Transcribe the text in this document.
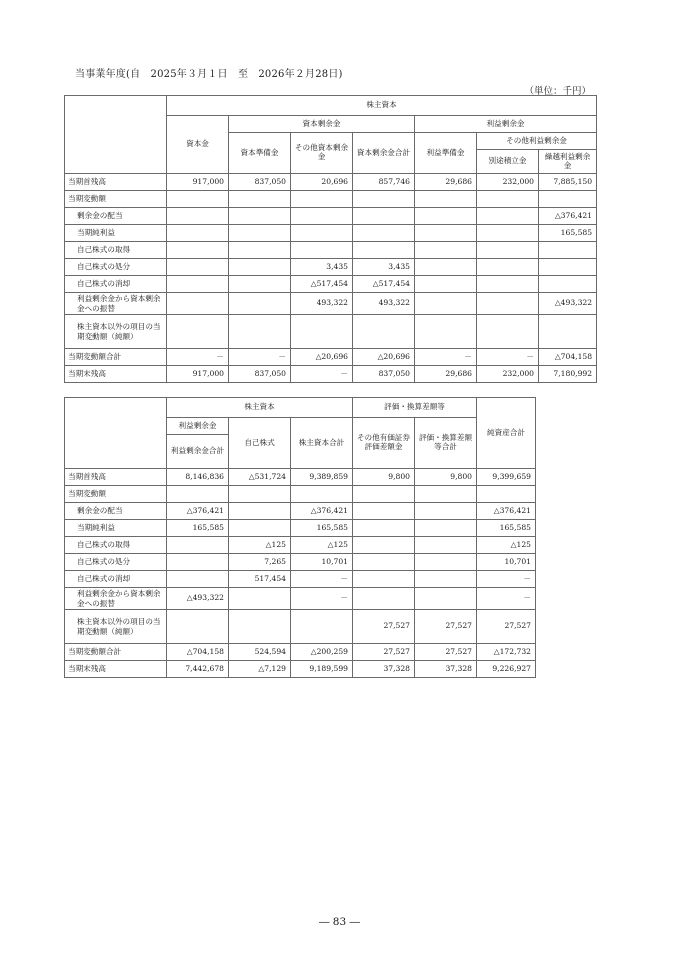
当事業年度(自　2025年３月１日　至　2026年２月28日)
（単位：千円）
	株主資本						
	資本金	資本剰余金			利益剰余金		
		資本準備金	その他資本剰余金	資本剰余金合計	利益準備金	その他利益剰余金	
						別途積立金	繰越利益剰余金
当期首残高	917,000	837,050	20,696	857,746	29,686	232,000	7,885,150
当期変動額							
剰余金の配当							△376,421
当期純利益							165,585
自己株式の取得							
自己株式の処分			3,435	3,435			
自己株式の消却			△517,454	△517,454			
利益剰余金から資本剰余金への振替			493,322	493,322			△493,322
株主資本以外の項目の当期変動額（純額）							
当期変動額合計	－	－	△20,696	△20,696	－	－	△704,158
当期末残高	917,000	837,050	－	837,050	29,686	232,000	7,180,992
	株主資本			評価・換算差額等		純資産合計
	利益剰余金	自己株式	株主資本合計	その他有価証券評価差額金	評価・換算差額等合計	
	利益剰余金合計					
当期首残高	8,146,836	△531,724	9,389,859	9,800	9,800	9,399,659
当期変動額						
剰余金の配当	△376,421		△376,421			△376,421
当期純利益	165,585		165,585			165,585
自己株式の取得		△125	△125			△125
自己株式の処分		7,265	10,701			10,701
自己株式の消却		517,454	－			－
利益剰余金から資本剰余金への振替	△493,322		－			－
株主資本以外の項目の当期変動額（純額）				27,527	27,527	27,527
当期変動額合計	△704,158	524,594	△200,259	27,527	27,527	△172,732
当期末残高	7,442,678	△7,129	9,189,599	37,328	37,328	9,226,927
― 83 ―
